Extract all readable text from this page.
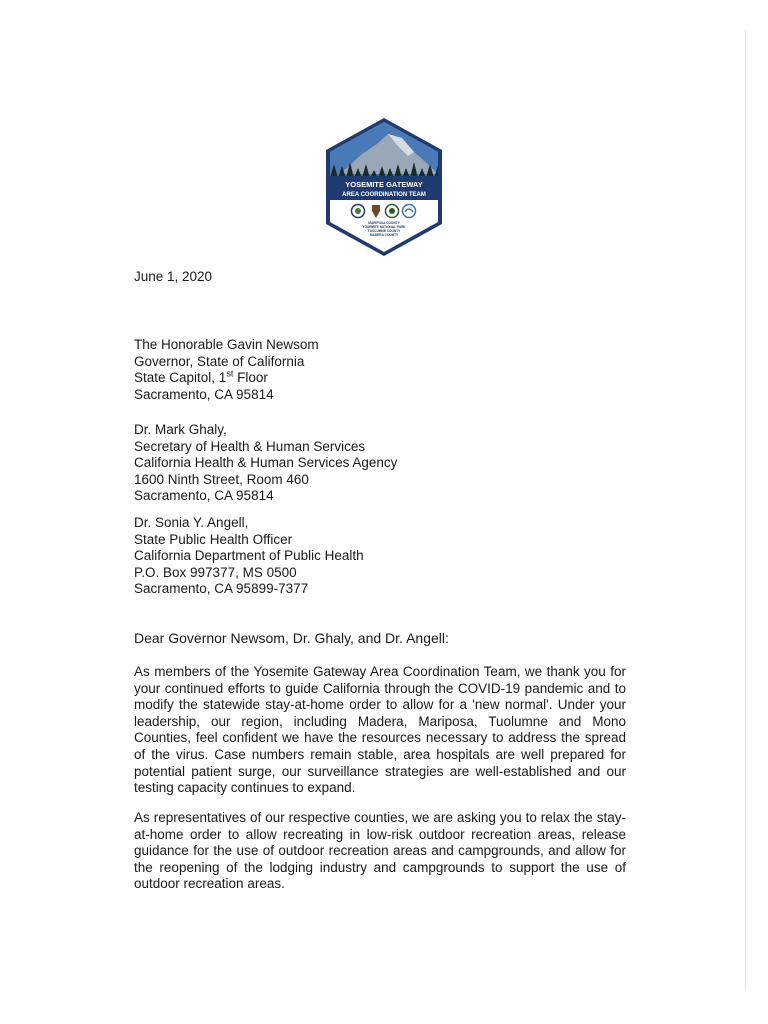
YOSEMITE GATEWAY
AREA COORDINATION TEAM
MARIPOSA COUNTY
YOSEMITE NATIONAL PARK
TUOLUMNE COUNTY
MADERA COUNTY
June 1, 2020
The Honorable Gavin Newsom
Governor, State of California
State Capitol, 1st Floor
Sacramento, CA 95814
Dr. Mark Ghaly,
Secretary of Health & Human Services
California Health & Human Services Agency
1600 Ninth Street, Room 460
Sacramento, CA 95814
Dr. Sonia Y. Angell,
State Public Health Officer
California Department of Public Health
P.O. Box 997377, MS 0500
Sacramento, CA 95899-7377
Dear Governor Newsom, Dr. Ghaly, and Dr. Angell:

As members of the Yosemite Gateway Area Coordination Team, we thank you for your continued efforts to guide California through the COVID-19 pandemic and to modify the statewide stay-at-home order to allow for a 'new normal'. Under your leadership, our region, including Madera, Mariposa, Tuolumne and Mono Counties, feel confident we have the resources necessary to address the spread of the virus. Case numbers remain stable, area hospitals are well prepared for potential patient surge, our surveillance strategies are well-established and our testing capacity continues to expand.

As representatives of our respective counties, we are asking you to relax the stay-at-home order to allow recreating in low-risk outdoor recreation areas, release guidance for the use of outdoor recreation areas and campgrounds, and allow for the reopening of the lodging industry and campgrounds to support the use of outdoor recreation areas.
